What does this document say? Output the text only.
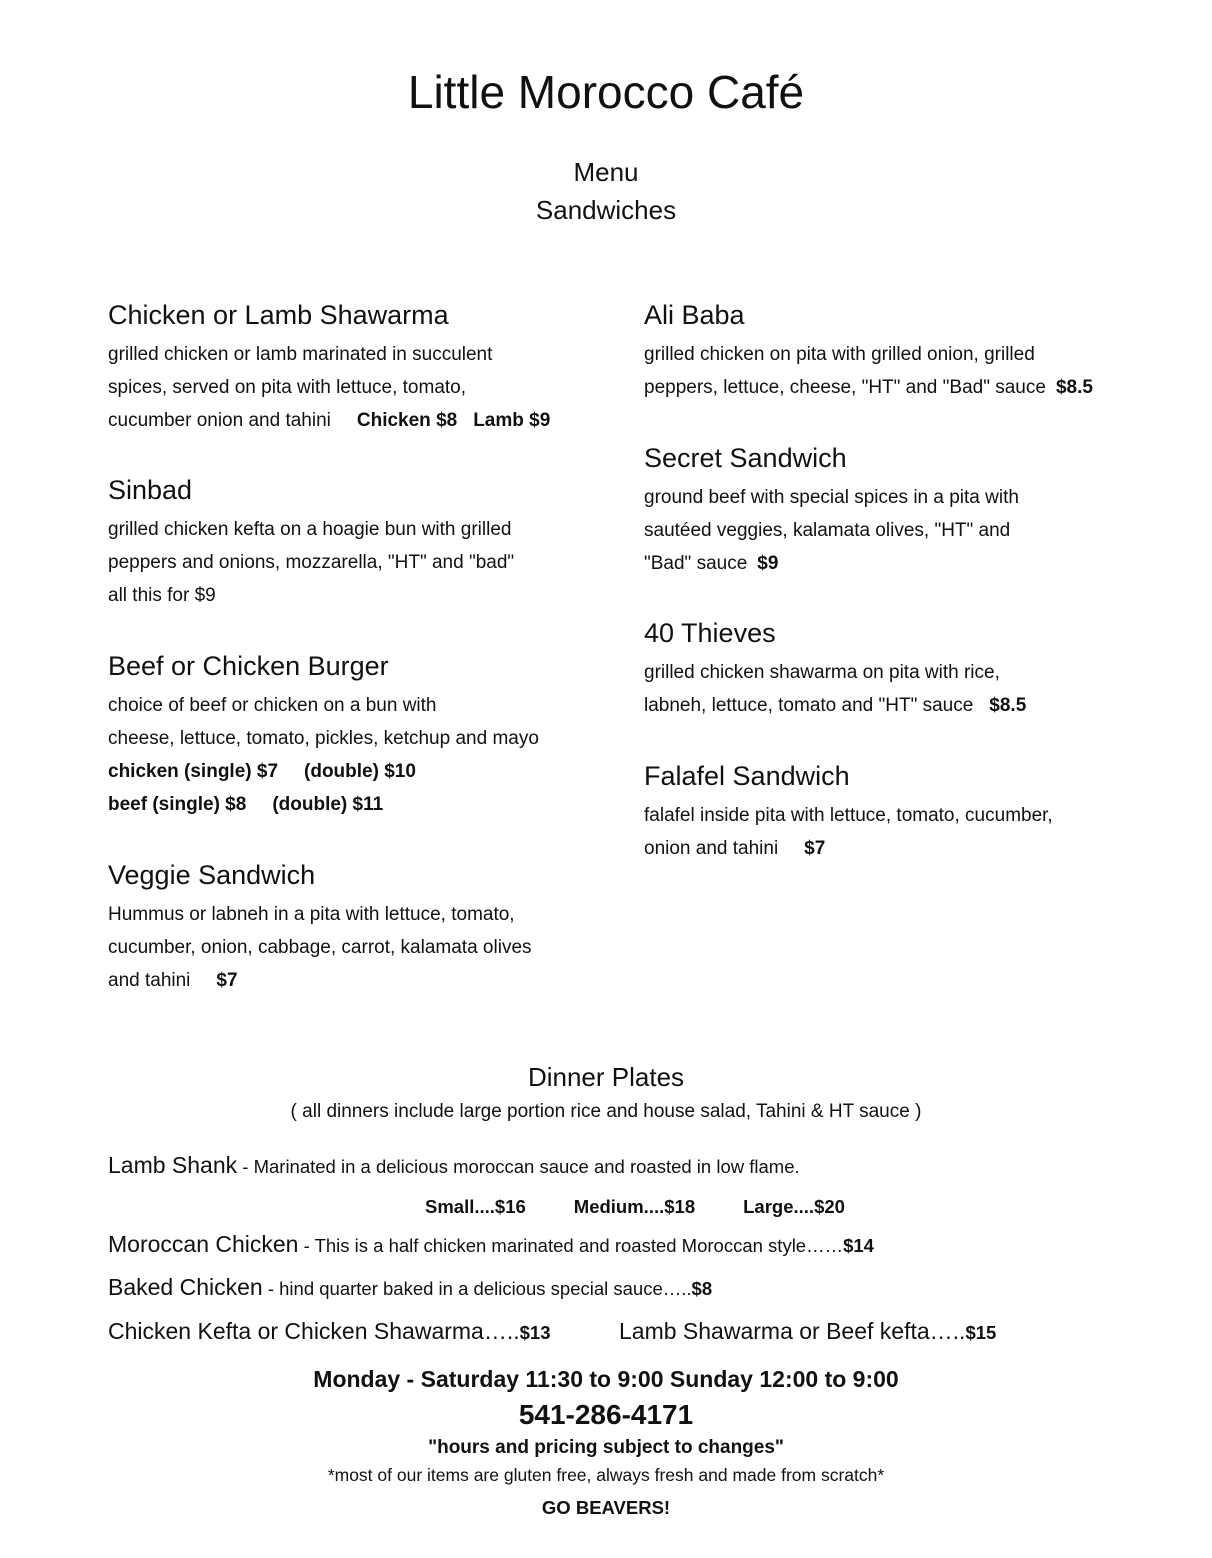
Little Morocco Café
Menu
Sandwiches
Chicken or Lamb Shawarma

grilled chicken or lamb marinated in succulent

spices, served on pita with lettuce, tomato,

cucumber onion and tahini Chicken $8 Lamb $9

Sinbad

grilled chicken kefta on a hoagie bun with grilled

peppers and onions, mozzarella, "HT" and "bad"

all this for $9

Beef or Chicken Burger

choice of beef or chicken on a bun with

cheese, lettuce, tomato, pickles, ketchup and mayo

chicken (single) $7 (double) $10

beef (single) $8 (double) $11

Veggie Sandwich

Hummus or labneh in a pita with lettuce, tomato,

cucumber, onion, cabbage, carrot, kalamata olives

and tahini $7

Ali Baba

grilled chicken on pita with grilled onion, grilled

peppers, lettuce, cheese, "HT" and "Bad" sauce $8.5

Secret Sandwich

ground beef with special spices in a pita with

sautéed veggies, kalamata olives, "HT" and

"Bad" sauce $9

40 Thieves

grilled chicken shawarma on pita with rice,

labneh, lettuce, tomato and "HT" sauce $8.5

Falafel Sandwich

falafel inside pita with lettuce, tomato, cucumber,

onion and tahini $7

Dinner Plates
( all dinners include large portion rice and house salad, Tahini & HT sauce )
Lamb Shank - Marinated in a delicious moroccan sauce and roasted in low flame.
Small....$16	Medium....$18	Large....$20
Moroccan Chicken - This is a half chicken marinated and roasted Moroccan style……$14
Baked Chicken - hind quarter baked in a delicious special sauce…..$8
Chicken Kefta or Chicken Shawarma…..$13	Lamb Shawarma or Beef kefta…..$15
Monday - Saturday 11:30 to 9:00 Sunday 12:00 to 9:00
541-286-4171
"hours and pricing subject to changes"
*most of our items are gluten free, always fresh and made from scratch*
GO BEAVERS!
